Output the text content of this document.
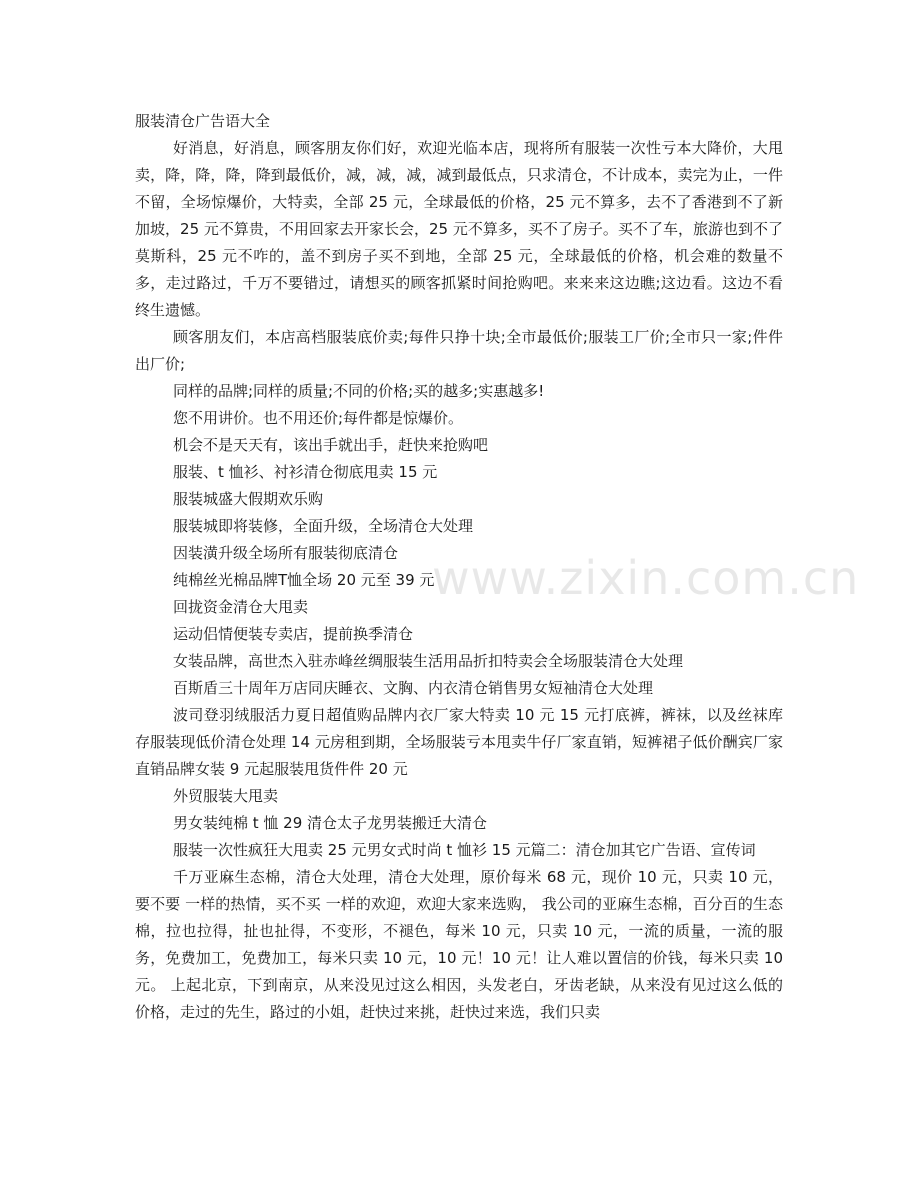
服装清仓广告语大全

好消息，好消息，顾客朋友你们好，欢迎光临本店，现将所有服装一次性亏本大降价，大甩卖，降，降，降，降到最低价，减，减，减，减到最低点，只求清仓，不计成本，卖完为止，一件不留，全场惊爆价，大特卖，全部 25 元，全球最低的价格，25 元不算多，去不了香港到不了新加坡，25 元不算贵，不用回家去开家长会，25 元不算多，买不了房子。买不了车，旅游也到不了莫斯科，25 元不咋的，盖不到房子买不到地，全部 25 元，全球最低的价格，机会难的数量不多，走过路过，千万不要错过，请想买的顾客抓紧时间抢购吧。来来来这边瞧;这边看。这边不看终生遗憾。

顾客朋友们，本店高档服装底价卖;每件只挣十块;全市最低价;服装工厂价;全市只一家;件件出厂价;

同样的品牌;同样的质量;不同的价格;买的越多;实惠越多!

您不用讲价。也不用还价;每件都是惊爆价。

机会不是天天有，该出手就出手，赶快来抢购吧

服装、t 恤衫、衬衫清仓彻底甩卖 15 元

服装城盛大假期欢乐购

服装城即将装修，全面升级，全场清仓大处理

因装潢升级全场所有服装彻底清仓

纯棉丝光棉品牌T恤全场 20 元至 39 元

回拢资金清仓大甩卖

运动侣情便装专卖店，提前换季清仓

女装品牌，高世杰入驻赤峰丝绸服装生活用品折扣特卖会全场服装清仓大处理

百斯盾三十周年万店同庆睡衣、文胸、内衣清仓销售男女短袖清仓大处理

波司登羽绒服活力夏日超值购品牌内衣厂家大特卖 10 元 15 元打底裤，裤袜，以及丝袜库存服装现低价清仓处理 14 元房租到期，全场服装亏本甩卖牛仔厂家直销，短裤裙子低价酬宾厂家直销品牌女装 9 元起服装甩货件件 20 元

外贸服装大甩卖

男女装纯棉 t 恤 29 清仓太子龙男装搬迁大清仓

服装一次性疯狂大甩卖 25 元男女式时尚 t 恤衫 15 元篇二：清仓加其它广告语、宣传词

千万亚麻生态棉，清仓大处理，清仓大处理，原价每米 68 元，现价 10 元，只卖 10 元，要不要 一样的热情，买不买 一样的欢迎，欢迎大家来选购， 我公司的亚麻生态棉，百分百的生态棉，拉也拉得，扯也扯得，不变形，不褪色，每米 10 元，只卖 10 元，一流的质量，一流的服务，免费加工，免费加工，每米只卖 10 元，10 元！10 元！让人难以置信的价钱，每米只卖 10 元。 上起北京，下到南京，从来没见过这么相因，头发老白，牙齿老缺，从来没有见过这么低的价格，走过的先生，路过的小姐，赶快过来挑，赶快过来选，我们只卖

www.zixin.com.cn
